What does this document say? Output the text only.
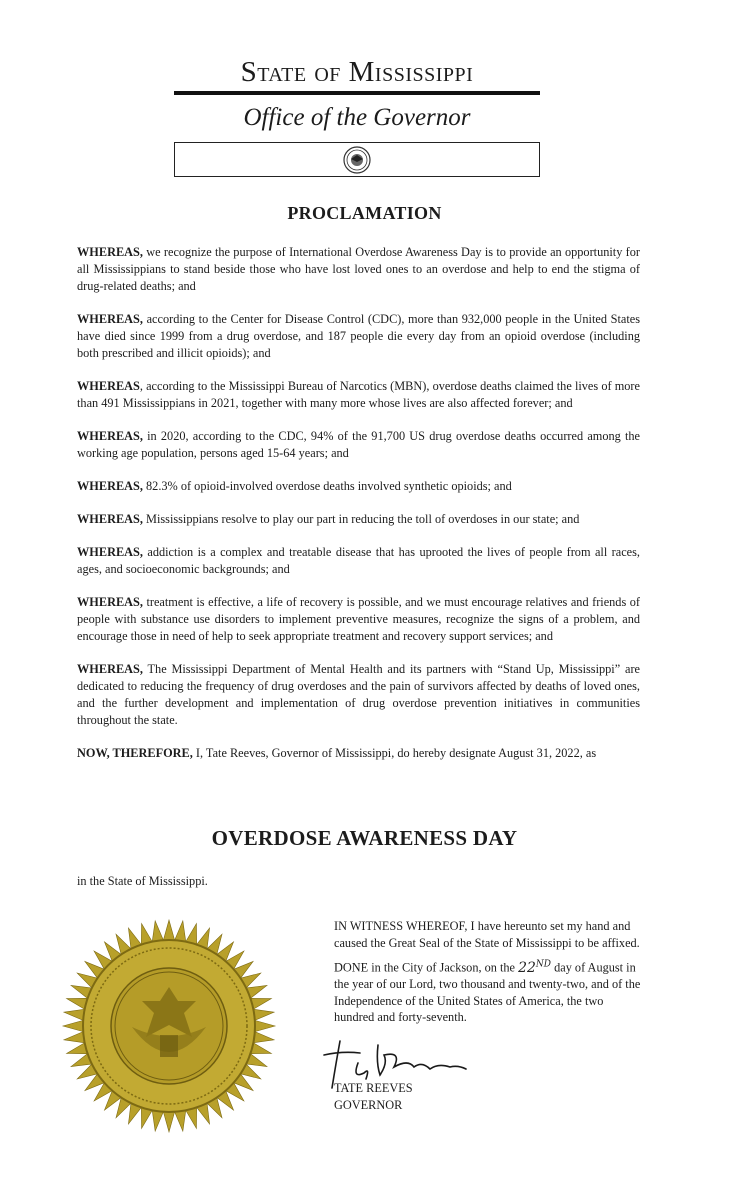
State of Mississippi
Office of the Governor
PROCLAMATION

WHEREAS, we recognize the purpose of International Overdose Awareness Day is to provide an opportunity for all Mississippians to stand beside those who have lost loved ones to an overdose and help to end the stigma of drug-related deaths; and

WHEREAS, according to the Center for Disease Control (CDC), more than 932,000 people in the United States have died since 1999 from a drug overdose, and 187 people die every day from an opioid overdose (including both prescribed and illicit opioids); and

WHEREAS, according to the Mississippi Bureau of Narcotics (MBN), overdose deaths claimed the lives of more than 491 Mississippians in 2021, together with many more whose lives are also affected forever; and

WHEREAS, in 2020, according to the CDC, 94% of the 91,700 US drug overdose deaths occurred among the working age population, persons aged 15-64 years; and

WHEREAS, 82.3% of opioid-involved overdose deaths involved synthetic opioids; and

WHEREAS, Mississippians resolve to play our part in reducing the toll of overdoses in our state; and

WHEREAS, addiction is a complex and treatable disease that has uprooted the lives of people from all races, ages, and socioeconomic backgrounds; and

WHEREAS, treatment is effective, a life of recovery is possible, and we must encourage relatives and friends of people with substance use disorders to implement preventive measures, recognize the signs of a problem, and encourage those in need of help to seek appropriate treatment and recovery support services; and

WHEREAS, The Mississippi Department of Mental Health and its partners with “Stand Up, Mississippi” are dedicated to reducing the frequency of drug overdoses and the pain of survivors affected by deaths of loved ones, and the further development and implementation of drug overdose prevention initiatives in communities throughout the state.

NOW, THEREFORE, I, Tate Reeves, Governor of Mississippi, do hereby designate August 31, 2022, as

OVERDOSE AWARENESS DAY
in the State of Mississippi.

IN WITNESS WHEREOF, I have hereunto set my hand and caused the Great Seal of the State of Mississippi to be affixed.

DONE in the City of Jackson, on the 22ND day of August in the year of our Lord, two thousand and twenty-two, and of the Independence of the United States of America, the two hundred and forty-seventh.

TATE REEVES
GOVERNOR
